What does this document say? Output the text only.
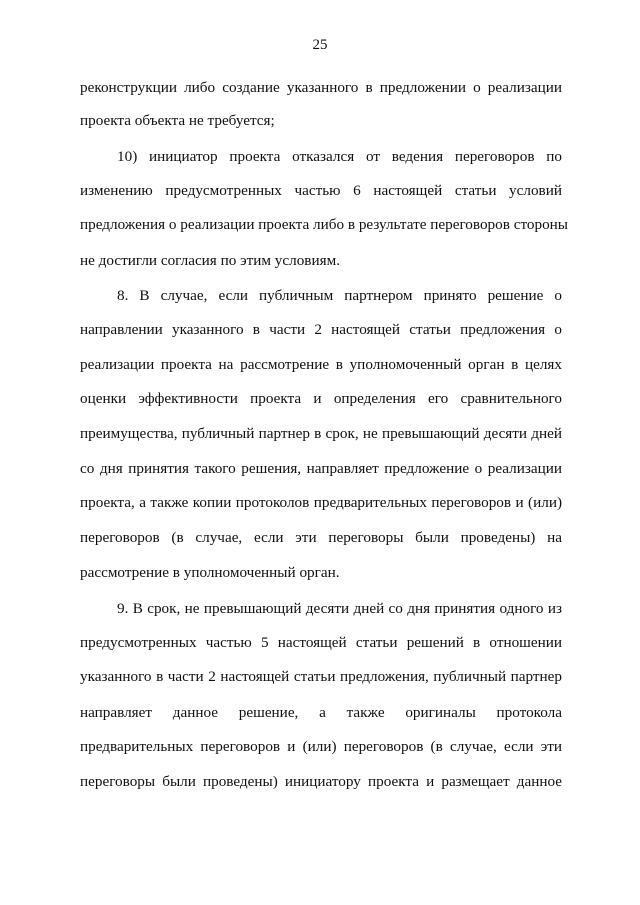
25
реконструкции либо создание указанного в предложении о реализации
проекта объекта не требуется;
10) инициатор проекта отказался от ведения переговоров по
изменению предусмотренных частью 6 настоящей статьи условий
предложения о реализации проекта либо в результате переговоров стороны
не достигли согласия по этим условиям.
8. В случае, если публичным партнером принято решение о
направлении указанного в части 2 настоящей статьи предложения о
реализации проекта на рассмотрение в уполномоченный орган в целях
оценки эффективности проекта и определения его сравнительного
преимущества, публичный партнер в срок, не превышающий десяти дней
со дня принятия такого решения, направляет предложение о реализации
проекта, а также копии протоколов предварительных переговоров и (или)
переговоров (в случае, если эти переговоры были проведены) на
рассмотрение в уполномоченный орган.
9. В срок, не превышающий десяти дней со дня принятия одного из
предусмотренных частью 5 настоящей статьи решений в отношении
указанного в части 2 настоящей статьи предложения, публичный партнер
направляет данное решение, а также оригиналы протокола
предварительных переговоров и (или) переговоров (в случае, если эти
переговоры были проведены) инициатору проекта и размещает данное
